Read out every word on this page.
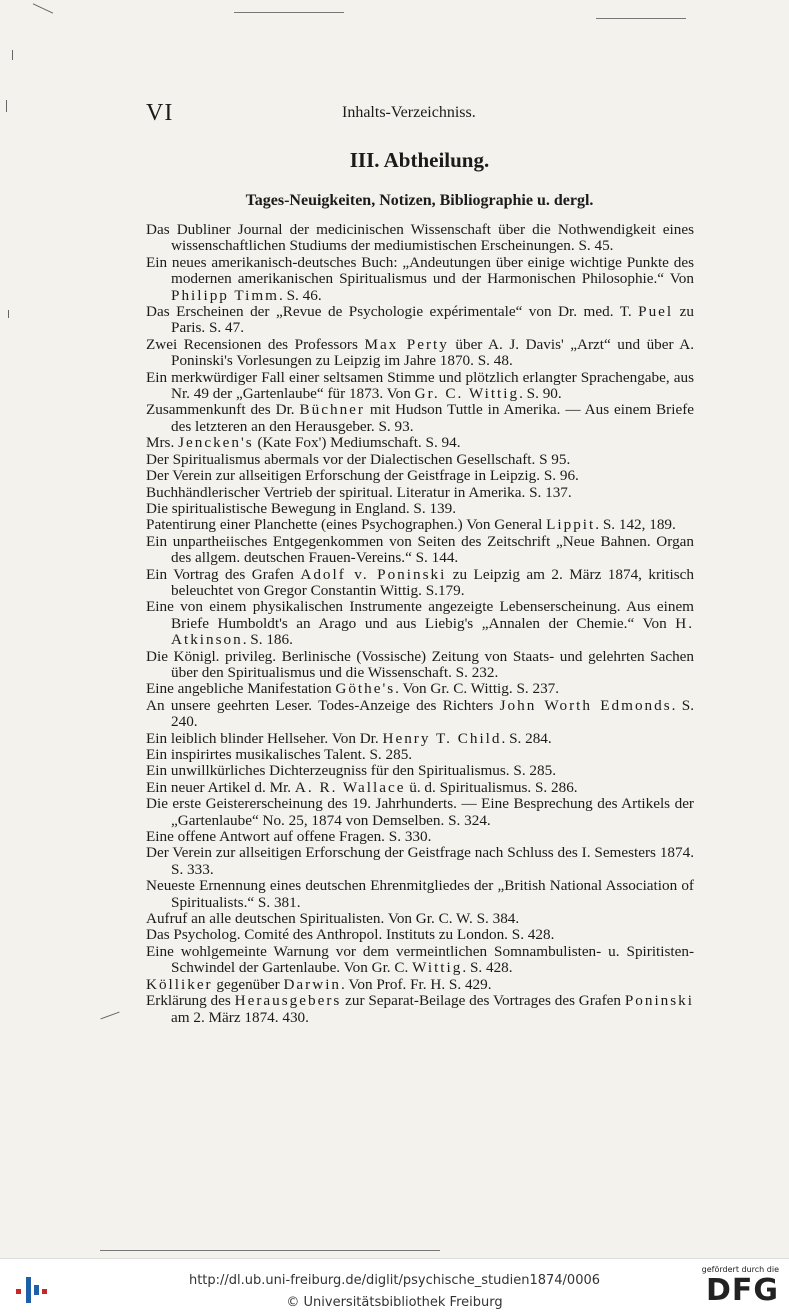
VI	Inhalts-Verzeichniss.
III. Abtheilung.
Tages-Neuigkeiten, Notizen, Bibliographie u. dergl.

Das Dubliner Journal der medicinischen Wissenschaft über die Nothwendigkeit eines wissenschaftlichen Studiums der mediumistischen Erscheinungen. S. 45.

Ein neues amerikanisch-deutsches Buch: „Andeutungen über einige wichtige Punkte des modernen amerikanischen Spiritualismus und der Harmonischen Philosophie.“ Von Philipp Timm. S. 46.

Das Erscheinen der „Revue de Psychologie expérimentale“ von Dr. med. T. Puel zu Paris. S. 47.

Zwei Recensionen des Professors Max Perty über A. J. Davis' „Arzt“ und über A. Poninski's Vorlesungen zu Leipzig im Jahre 1870. S. 48.

Ein merkwürdiger Fall einer seltsamen Stimme und plötzlich erlangter Sprachengabe, aus Nr. 49 der „Gartenlaube“ für 1873. Von Gr. C. Wittig. S. 90.

Zusammenkunft des Dr. Büchner mit Hudson Tuttle in Amerika. — Aus einem Briefe des letzteren an den Herausgeber. S. 93.

Mrs. Jencken's (Kate Fox') Mediumschaft. S. 94.

Der Spiritualismus abermals vor der Dialectischen Gesellschaft. S 95.

Der Verein zur allseitigen Erforschung der Geistfrage in Leipzig. S. 96.

Buchhändlerischer Vertrieb der spiritual. Literatur in Amerika. S. 137.

Die spiritualistische Bewegung in England. S. 139.

Patentirung einer Planchette (eines Psychographen.) Von General Lippit. S. 142, 189.

Ein unpartheiisches Entgegenkommen von Seiten des Zeitschrift „Neue Bahnen. Organ des allgem. deutschen Frauen-Vereins.“ S. 144.

Ein Vortrag des Grafen Adolf v. Poninski zu Leipzig am 2. März 1874, kritisch beleuchtet von Gregor Constantin Wittig. S.179.

Eine von einem physikalischen Instrumente angezeigte Lebenserscheinung. Aus einem Briefe Humboldt's an Arago und aus Liebig's „Annalen der Chemie.“ Von H. Atkinson. S. 186.

Die Königl. privileg. Berlinische (Vossische) Zeitung von Staats- und gelehrten Sachen über den Spiritualismus und die Wissenschaft. S. 232.

Eine angebliche Manifestation Göthe's. Von Gr. C. Wittig. S. 237.

An unsere geehrten Leser. Todes-Anzeige des Richters John Worth Edmonds. S. 240.

Ein leiblich blinder Hellseher. Von Dr. Henry T. Child. S. 284.

Ein inspirirtes musikalisches Talent. S. 285.

Ein unwillkürliches Dichterzeugniss für den Spiritualismus. S. 285.

Ein neuer Artikel d. Mr. A. R. Wallace ü. d. Spiritualismus. S. 286.

Die erste Geistererscheinung des 19. Jahrhunderts. — Eine Besprechung des Artikels der „Gartenlaube“ No. 25, 1874 von Demselben. S. 324.

Eine offene Antwort auf offene Fragen. S. 330.

Der Verein zur allseitigen Erforschung der Geistfrage nach Schluss des I. Semesters 1874. S. 333.

Neueste Ernennung eines deutschen Ehrenmitgliedes der „British National Association of Spiritualists.“ S. 381.

Aufruf an alle deutschen Spiritualisten. Von Gr. C. W. S. 384.

Das Psycholog. Comité des Anthropol. Instituts zu London. S. 428.

Eine wohlgemeinte Warnung vor dem vermeintlichen Somnambulisten- u. Spiritisten-Schwindel der Gartenlaube. Von Gr. C. Wittig. S. 428.

Kölliker gegenüber Darwin. Von Prof. Fr. H. S. 429.

Erklärung des Herausgebers zur Separat-Beilage des Vortrages des Grafen Poninski am 2. März 1874. 430.

http://dl.ub.uni-freiburg.de/diglit/psychische_studien1874/0006
© Universitätsbibliothek Freiburg
gefördert durch die
DFG
